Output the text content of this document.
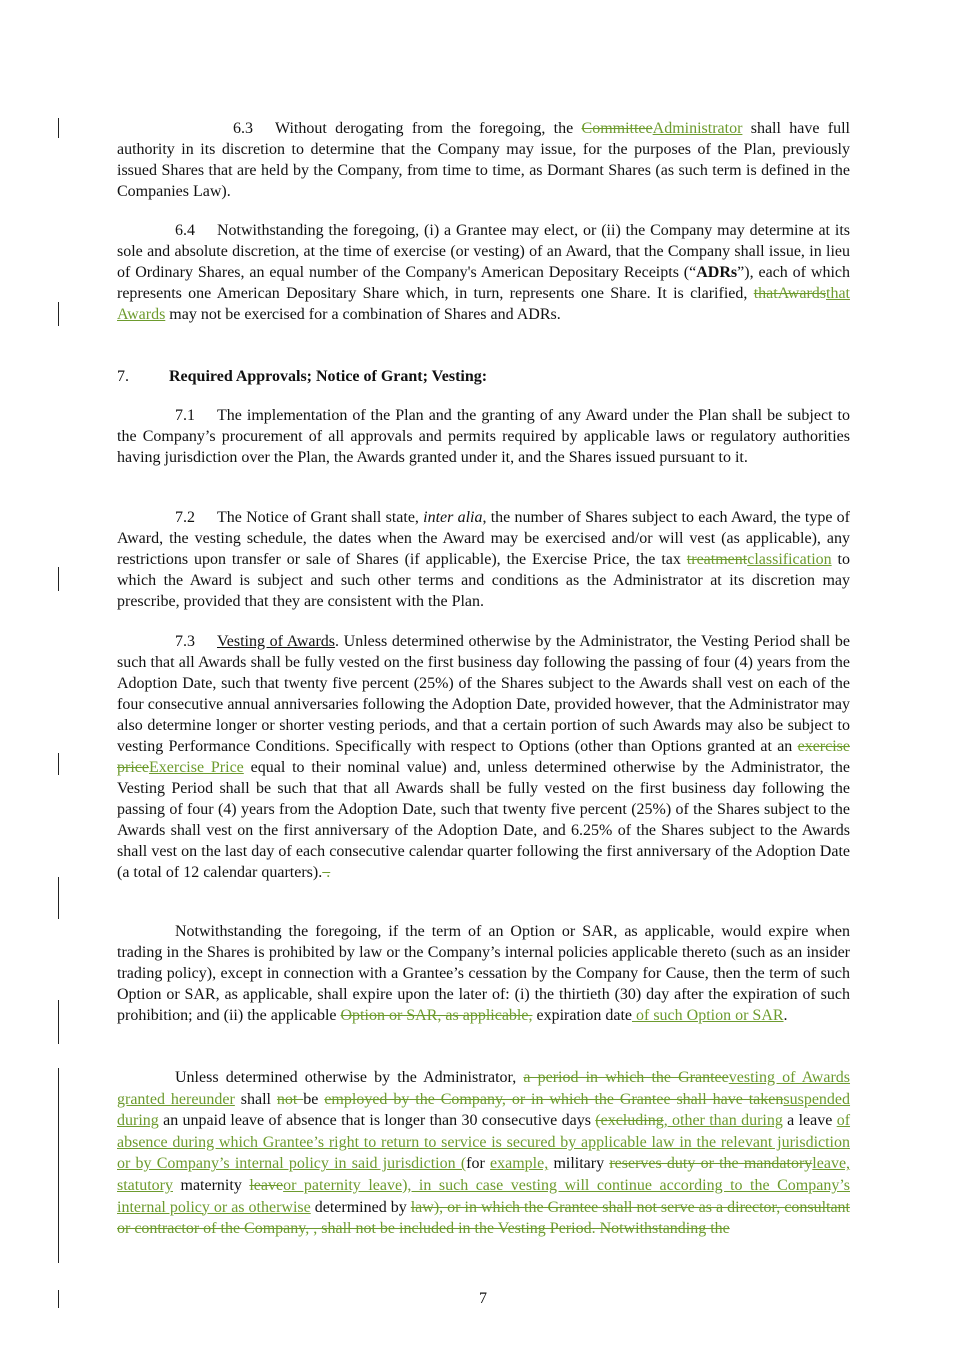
6.3 Without derogating from the foregoing, the CommitteeAdministrator shall have full authority in its discretion to determine that the Company may issue, for the purposes of the Plan, previously issued Shares that are held by the Company, from time to time, as Dormant Shares (as such term is defined in the Companies Law).

6.4 Notwithstanding the foregoing, (i) a Grantee may elect, or (ii) the Company may determine at its sole and absolute discretion, at the time of exercise (or vesting) of an Award, that the Company shall issue, in lieu of Ordinary Shares, an equal number of the Company's American Depositary Receipts (“ADRs”), each of which represents one American Depositary Share which, in turn, represents one Share. It is clarified, thatAwardsthat Awards may not be exercised for a combination of Shares and ADRs.

7.	Required Approvals; Notice of Grant; Vesting:

7.1 The implementation of the Plan and the granting of any Award under the Plan shall be subject to the Company’s procurement of all approvals and permits required by applicable laws or regulatory authorities having jurisdiction over the Plan, the Awards granted under it, and the Shares issued pursuant to it.

7.2 The Notice of Grant shall state, inter alia, the number of Shares subject to each Award, the type of Award, the vesting schedule, the dates when the Award may be exercised and/or will vest (as applicable), any restrictions upon transfer or sale of Shares (if applicable), the Exercise Price, the tax treatmentclassification to which the Award is subject and such other terms and conditions as the Administrator at its discretion may prescribe, provided that they are consistent with the Plan.

7.3 Vesting of Awards. Unless determined otherwise by the Administrator, the Vesting Period shall be such that all Awards shall be fully vested on the first business day following the passing of four (4) years from the Adoption Date, such that twenty five percent (25%) of the Shares subject to the Awards shall vest on each of the four consecutive annual anniversaries following the Adoption Date, provided however, that the Administrator may also determine longer or shorter vesting periods, and that a certain portion of such Awards may also be subject to vesting Performance Conditions. Specifically with respect to Options (other than Options granted at an exercise priceExercise Price equal to their nominal value) and, unless determined otherwise by the Administrator, the Vesting Period shall be such that that all Awards shall be fully vested on the first business day following the passing of four (4) years from the Adoption Date, such that twenty five percent (25%) of the Shares subject to the Awards shall vest on the first anniversary of the Adoption Date, and 6.25% of the Shares subject to the Awards shall vest on the last day of each consecutive calendar quarter following the first anniversary of the Adoption Date (a total of 12 calendar quarters). .

Notwithstanding the foregoing, if the term of an Option or SAR, as applicable, would expire when trading in the Shares is prohibited by law or the Company’s internal policies applicable thereto (such as an insider trading policy), except in connection with a Grantee’s cessation by the Company for Cause, then the term of such Option or SAR, as applicable, shall expire upon the later of: (i) the thirtieth (30) day after the expiration of such prohibition; and (ii) the applicable Option or SAR, as applicable, expiration date of such Option or SAR.

Unless determined otherwise by the Administrator, a period in which the Granteevesting of Awards granted hereunder shall not be employed by the Company, or in which the Grantee shall have takensuspended during an unpaid leave of absence that is longer than 30 consecutive days (excluding, other than during a leave of absence during which Grantee’s right to return to service is secured by applicable law in the relevant jurisdiction or by Company’s internal policy in said jurisdiction (for example, military reserves duty or the mandatoryleave, statutory maternity leaveor paternity leave), in such case vesting will continue according to the Company’s internal policy or as otherwise determined by law), or in which the Grantee shall not serve as a director, consultant or contractor of the Company, , shall not be included in the Vesting Period. Notwithstanding the

7
